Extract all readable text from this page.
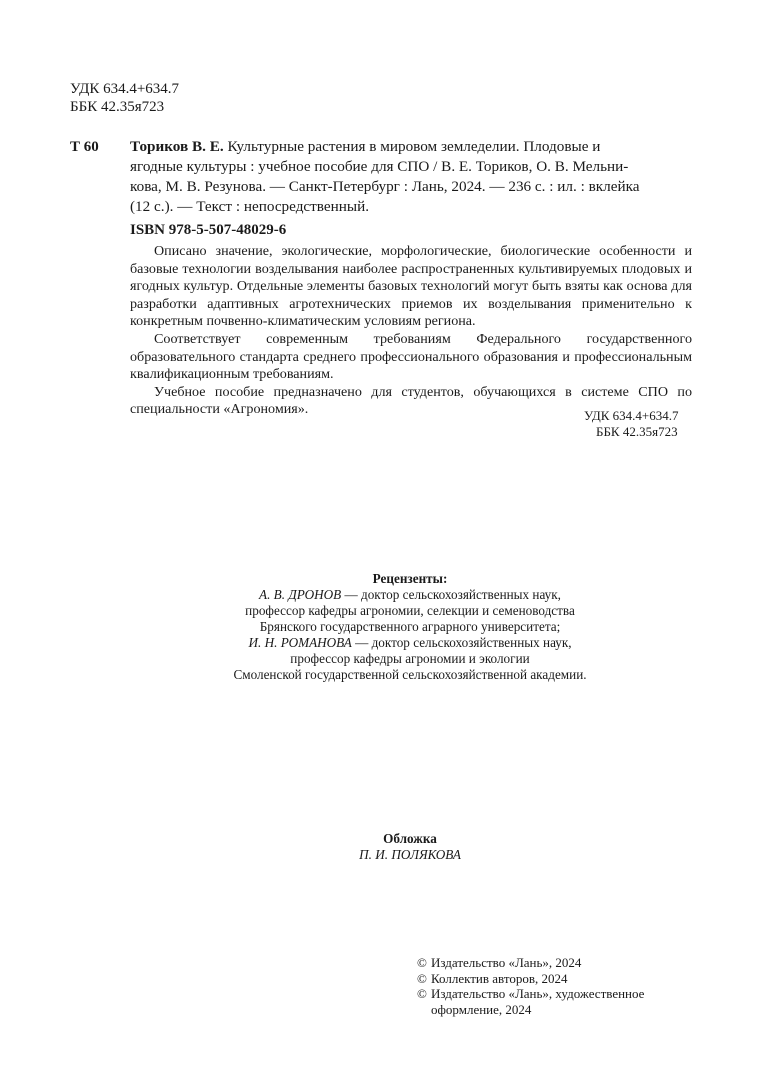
УДК 634.4+634.7
ББК 42.35я723
Т 60 Ториков В. Е. Культурные растения в мировом земледелии. Плодовые и
ягодные культуры : учебное пособие для СПО / В. Е. Ториков, О. В. Мельни-
кова, М. В. Резунова. — Санкт-Петербург : Лань, 2024. — 236 с. : ил. : вклейка
(12 с.). — Текст : непосредственный.
ISBN 978-5-507-48029-6

Описано значение, экологические, морфологические, биологические особенности и базовые технологии возделывания наиболее распространенных культивируемых плодовых и ягодных культур. Отдельные элементы базовых технологий могут быть взяты как основа для разработки адаптивных агротехнических приемов их возделывания применительно к конкретным почвенно-климатическим условиям региона.

Соответствует современным требованиям Федерального государственного образовательного стандарта среднего профессионального образования и профессиональным квалификационным требованиям.

Учебное пособие предназначено для студентов, обучающихся в системе СПО по специальности «Агрономия».	УДК 634.4+634.7
ББК 42.35я723
Рецензенты:
А. В. ДРОНОВ — доктор сельскохозяйственных наук,
профессор кафедры агрономии, селекции и семеноводства
Брянского государственного аграрного университета;
И. Н. РОМАНОВА — доктор сельскохозяйственных наук,
профессор кафедры агрономии и экологии
Смоленской государственной сельскохозяйственной академии.
Обложка
П. И. ПОЛЯКОВА
© Издательство «Лань», 2024
© Коллектив авторов, 2024
© Издательство «Лань», художественное
оформление, 2024
